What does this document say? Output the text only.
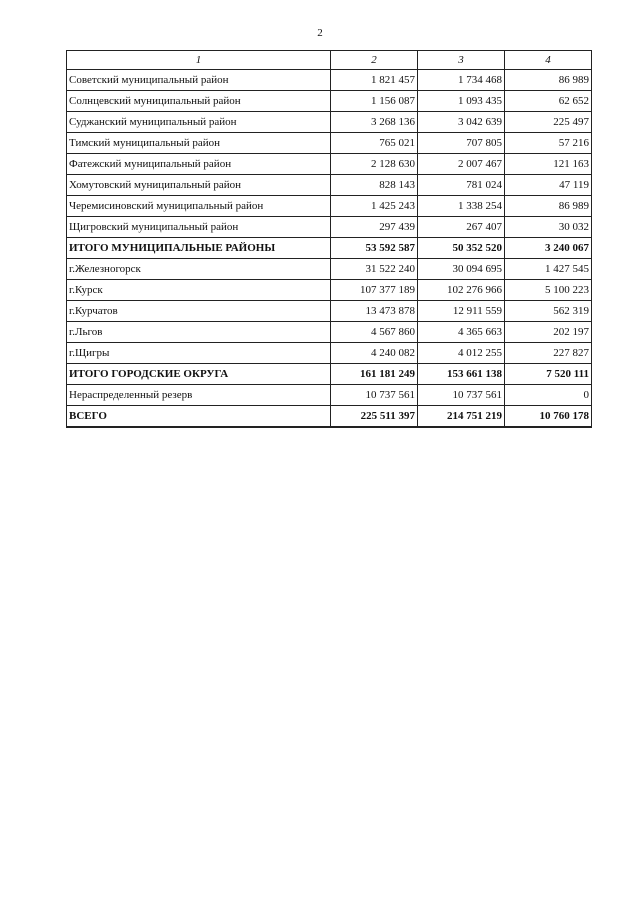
2
1	2	3	4
Советский муниципальный район	1 821 457	1 734 468	86 989
Солнцевский муниципальный район	1 156 087	1 093 435	62 652
Суджанский муниципальный район	3 268 136	3 042 639	225 497
Тимский муниципальный район	765 021	707 805	57 216
Фатежский муниципальный район	2 128 630	2 007 467	121 163
Хомутовский муниципальный район	828 143	781 024	47 119
Черемисиновский муниципальный район	1 425 243	1 338 254	86 989
Щигровский муниципальный район	297 439	267 407	30 032
ИТОГО МУНИЦИПАЛЬНЫЕ РАЙОНЫ	53 592 587	50 352 520	3 240 067
г.Железногорск	31 522 240	30 094 695	1 427 545
г.Курск	107 377 189	102 276 966	5 100 223
г.Курчатов	13 473 878	12 911 559	562 319
г.Льгов	4 567 860	4 365 663	202 197
г.Щигры	4 240 082	4 012 255	227 827
ИТОГО ГОРОДСКИЕ ОКРУГА	161 181 249	153 661 138	7 520 111
Нераспределенный резерв	10 737 561	10 737 561	0
ВСЕГО	225 511 397	214 751 219	10 760 178
